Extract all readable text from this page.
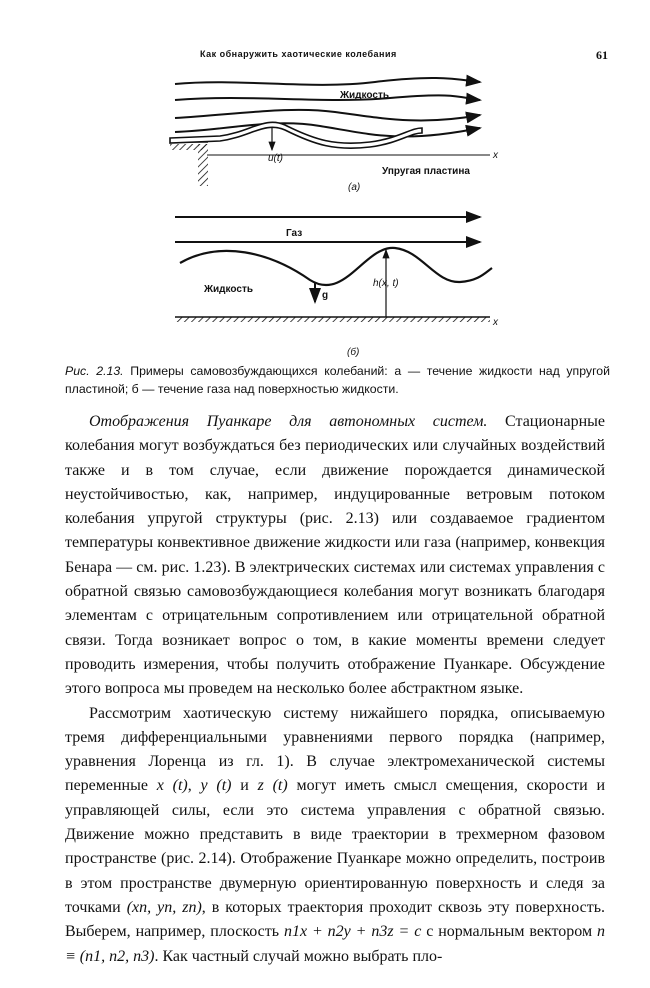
Как обнаружить хаотические колебания	61
Жидкость
u(t)
Упругая пластина
x
(а)
Газ
Жидкость
g
h(x, t)
x
(б)
Рис. 2.13. Примеры самовозбуждающихся колебаний: а — течение жидкости над упругой пластиной; б — течение газа над поверхностью жидкости.

Отображения Пуанкаре для автономных систем. Стационарные колебания могут возбуждаться без периодических или случайных воздействий также и в том случае, если движение порождается динамической неустойчивостью, как, например, индуцированные ветровым потоком колебания упругой структуры (рис. 2.13) или создаваемое градиентом температуры конвективное движение жидкости или газа (например, конвекция Бенара — см. рис. 1.23). В электрических системах или системах управления с обратной связью самовозбуждающиеся колебания могут возникать благодаря элементам с отрицательным сопротивлением или отрицательной обратной связи. Тогда возникает вопрос о том, в какие моменты времени следует проводить измерения, чтобы получить отображение Пуанкаре. Обсуждение этого вопроса мы проведем на несколько более абстрактном языке.

Рассмотрим хаотическую систему нижайшего порядка, описываемую тремя дифференциальными уравнениями первого порядка (например, уравнения Лоренца из гл. 1). В случае электромеханической системы переменные x (t), y (t) и z (t) могут иметь смысл смещения, скорости и управляющей силы, если это система управления с обратной связью. Движение можно представить в виде траектории в трехмерном фазовом пространстве (рис. 2.14). Отображение Пуанкаре можно определить, построив в этом пространстве двумерную ориентированную поверхность и следя за точками (xn, yn, zn), в которых траектория проходит сквозь эту поверхность. Выберем, например, плоскость n1x + n2y + n3z = c с нормальным вектором n ≡ (n1, n2, n3). Как частный случай можно выбрать пло-
